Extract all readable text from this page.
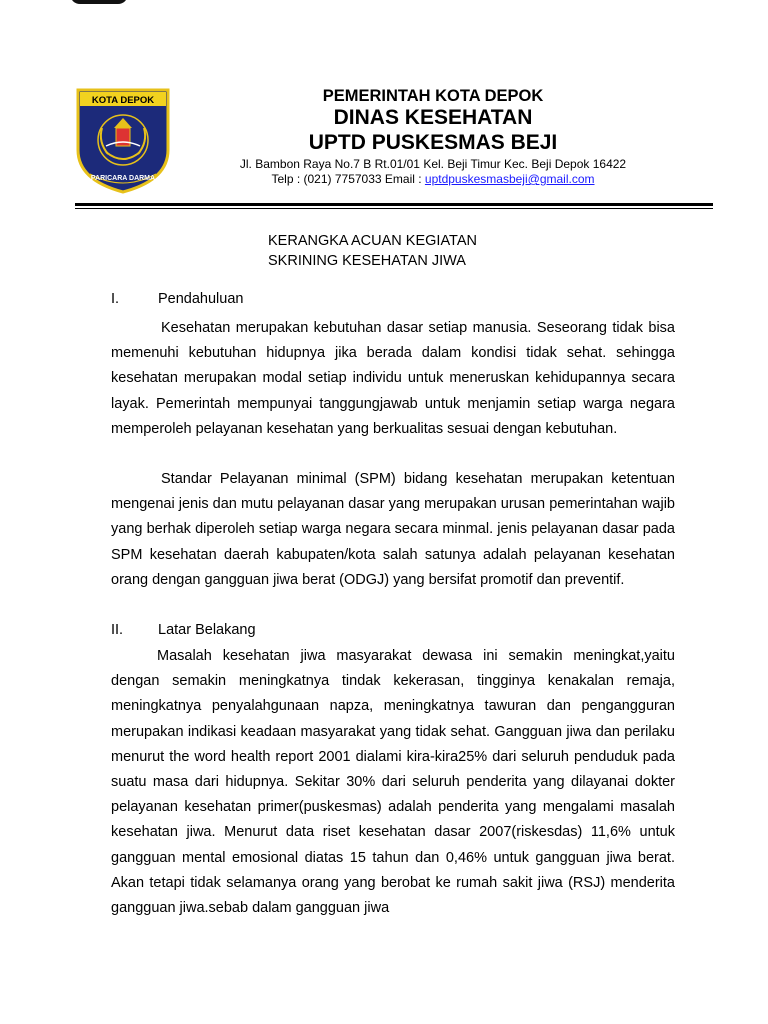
KOTA DEPOK
PARICARA DARMA
PEMERINTAH KOTA DEPOK
DINAS KESEHATAN
UPTD PUSKESMAS BEJI
Jl. Bambon Raya No.7 B Rt.01/01 Kel. Beji Timur Kec. Beji Depok 16422
Telp : (021) 7757033 Email : uptdpuskesmasbeji@gmail.com
KERANGKA ACUAN KEGIATAN
SKRINING KESEHATAN JIWA
I.	Pendahuluan

Kesehatan merupakan kebutuhan dasar setiap manusia. Seseorang tidak bisa memenuhi kebutuhan hidupnya jika berada dalam kondisi tidak sehat. sehingga kesehatan merupakan modal setiap individu untuk meneruskan kehidupannya secara layak. Pemerintah mempunyai tanggungjawab untuk menjamin setiap warga negara memperoleh pelayanan kesehatan yang berkualitas sesuai dengan kebutuhan.

Standar Pelayanan minimal (SPM) bidang kesehatan merupakan ketentuan mengenai jenis dan mutu pelayanan dasar yang merupakan urusan pemerintahan wajib yang berhak diperoleh setiap warga negara secara minmal. jenis pelayanan dasar pada SPM kesehatan daerah kabupaten/kota salah satunya adalah pelayanan kesehatan orang dengan gangguan jiwa berat (ODGJ) yang bersifat promotif dan preventif.

II. Latar Belakang

Masalah kesehatan jiwa masyarakat dewasa ini semakin meningkat,yaitu dengan semakin meningkatnya tindak kekerasan, tingginya kenakalan remaja, meningkatnya penyalahgunaan napza, meningkatnya tawuran dan pengangguran merupakan indikasi keadaan masyarakat yang tidak sehat. Gangguan jiwa dan perilaku menurut the word health report 2001 dialami kira-kira25% dari seluruh penduduk pada suatu masa dari hidupnya. Sekitar 30% dari seluruh penderita yang dilayanai dokter pelayanan kesehatan primer(puskesmas) adalah penderita yang mengalami masalah kesehatan jiwa. Menurut data riset kesehatan dasar 2007(riskesdas) 11,6% untuk gangguan mental emosional diatas 15 tahun dan 0,46% untuk gangguan jiwa berat. Akan tetapi tidak selamanya orang yang berobat ke rumah sakit jiwa (RSJ) menderita gangguan jiwa.sebab dalam gangguan jiwa
